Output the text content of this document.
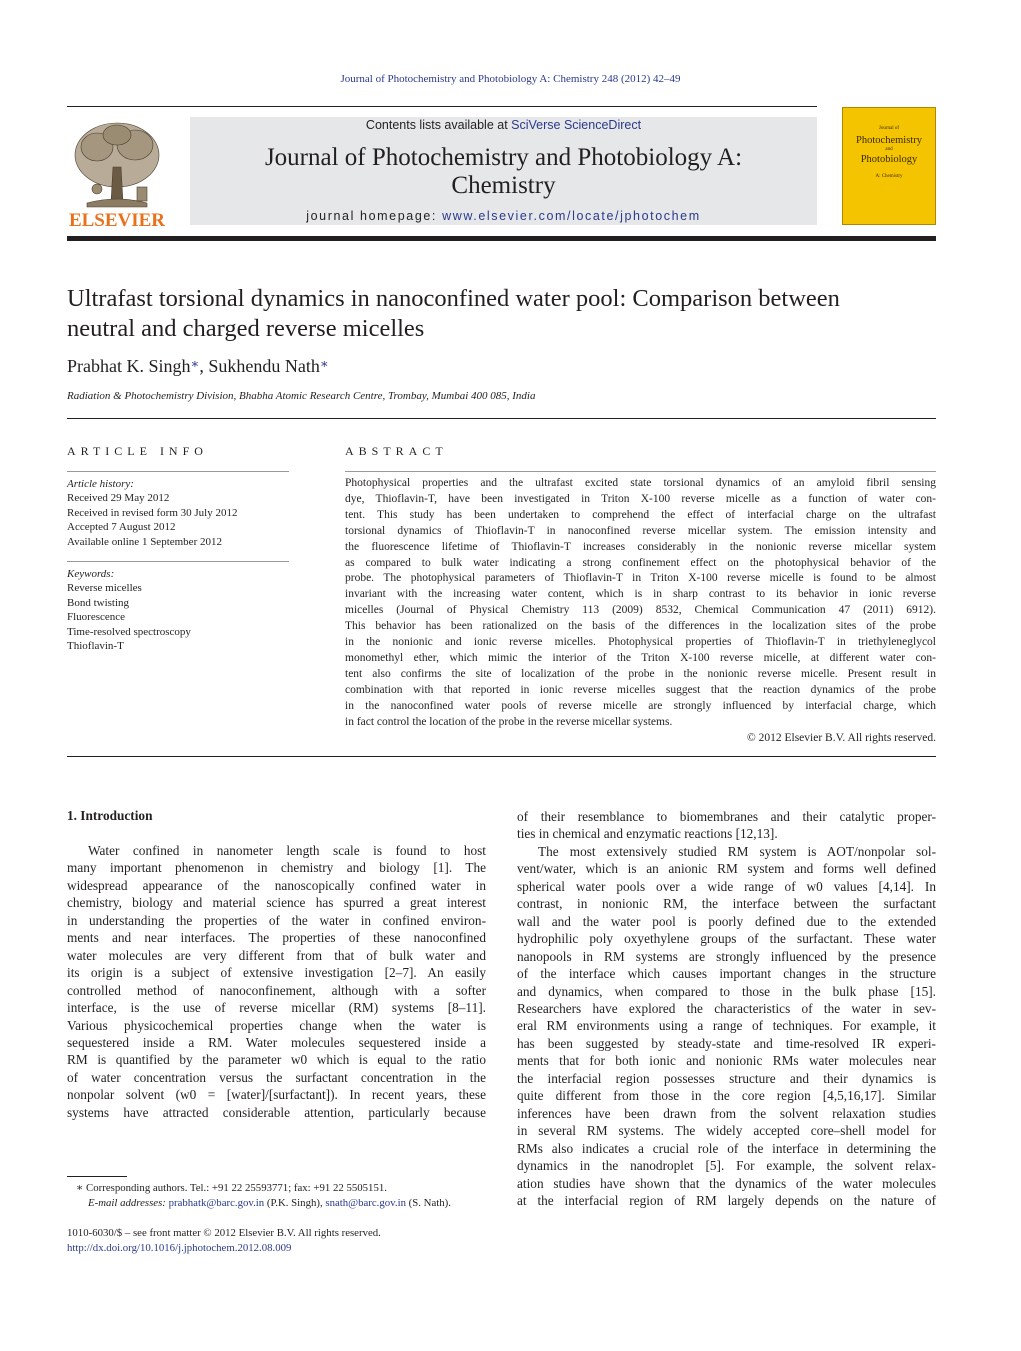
Journal of Photochemistry and Photobiology A: Chemistry 248 (2012) 42–49
ELSEVIER
Contents lists available at SciVerse ScienceDirect
Journal of Photochemistry and Photobiology A:
Chemistry
journal homepage: www.elsevier.com/locate/jphotochem
Journal of
Photochemistry
and
Photobiology
A: Chemistry
Ultrafast torsional dynamics in nanoconfined water pool: Comparison between
neutral and charged reverse micelles
Prabhat K. Singh∗, Sukhendu Nath∗
Radiation & Photochemistry Division, Bhabha Atomic Research Centre, Trombay, Mumbai 400 085, India
ARTICLE INFO
Article history:
Received 29 May 2012
Received in revised form 30 July 2012
Accepted 7 August 2012
Available online 1 September 2012
Keywords:
Reverse micelles
Bond twisting
Fluorescence
Time-resolved spectroscopy
Thioflavin-T
ABSTRACT
Photophysical properties and the ultrafast excited state torsional dynamics of an amyloid fibril sensing
dye, Thioflavin-T, have been investigated in Triton X-100 reverse micelle as a function of water con-
tent. This study has been undertaken to comprehend the effect of interfacial charge on the ultrafast
torsional dynamics of Thioflavin-T in nanoconfined reverse micellar system. The emission intensity and
the fluorescence lifetime of Thioflavin-T increases considerably in the nonionic reverse micellar system
as compared to bulk water indicating a strong confinement effect on the photophysical behavior of the
probe. The photophysical parameters of Thioflavin-T in Triton X-100 reverse micelle is found to be almost
invariant with the increasing water content, which is in sharp contrast to its behavior in ionic reverse
micelles (Journal of Physical Chemistry 113 (2009) 8532, Chemical Communication 47 (2011) 6912).
This behavior has been rationalized on the basis of the differences in the localization sites of the probe
in the nonionic and ionic reverse micelles. Photophysical properties of Thioflavin-T in triethyleneglycol
monomethyl ether, which mimic the interior of the Triton X-100 reverse micelle, at different water con-
tent also confirms the site of localization of the probe in the nonionic reverse micelle. Present result in
combination with that reported in ionic reverse micelles suggest that the reaction dynamics of the probe
in the nanoconfined water pools of reverse micelle are strongly influenced by interfacial charge, which
in fact control the location of the probe in the reverse micellar systems.
© 2012 Elsevier B.V. All rights reserved.
1. Introduction
Water confined in nanometer length scale is found to host
many important phenomenon in chemistry and biology [1]. The
widespread appearance of the nanoscopically confined water in
chemistry, biology and material science has spurred a great interest
in understanding the properties of the water in confined environ-
ments and near interfaces. The properties of these nanoconfined
water molecules are very different from that of bulk water and
its origin is a subject of extensive investigation [2–7]. An easily
controlled method of nanoconfinement, although with a softer
interface, is the use of reverse micellar (RM) systems [8–11].
Various physicochemical properties change when the water is
sequestered inside a RM. Water molecules sequestered inside a
RM is quantified by the parameter w0 which is equal to the ratio
of water concentration versus the surfactant concentration in the
nonpolar solvent (w0 = [water]/[surfactant]). In recent years, these
systems have attracted considerable attention, particularly because
of their resemblance to biomembranes and their catalytic proper-
ties in chemical and enzymatic reactions [12,13].
The most extensively studied RM system is AOT/nonpolar sol-
vent/water, which is an anionic RM system and forms well defined
spherical water pools over a wide range of w0 values [4,14]. In
contrast, in nonionic RM, the interface between the surfactant
wall and the water pool is poorly defined due to the extended
hydrophilic poly oxyethylene groups of the surfactant. These water
nanopools in RM systems are strongly influenced by the presence
of the interface which causes important changes in the structure
and dynamics, when compared to those in the bulk phase [15].
Researchers have explored the characteristics of the water in sev-
eral RM environments using a range of techniques. For example, it
has been suggested by steady-state and time-resolved IR experi-
ments that for both ionic and nonionic RMs water molecules near
the interfacial region possesses structure and their dynamics is
quite different from those in the core region [4,5,16,17]. Similar
inferences have been drawn from the solvent relaxation studies
in several RM systems. The widely accepted core–shell model for
RMs also indicates a crucial role of the interface in determining the
dynamics in the nanodroplet [5]. For example, the solvent relax-
ation studies have shown that the dynamics of the water molecules
at the interfacial region of RM largely depends on the nature of
∗ Corresponding authors. Tel.: +91 22 25593771; fax: +91 22 5505151.
E-mail addresses: prabhatk@barc.gov.in (P.K. Singh), snath@barc.gov.in (S. Nath).
1010-6030/$ – see front matter © 2012 Elsevier B.V. All rights reserved.
http://dx.doi.org/10.1016/j.jphotochem.2012.08.009
